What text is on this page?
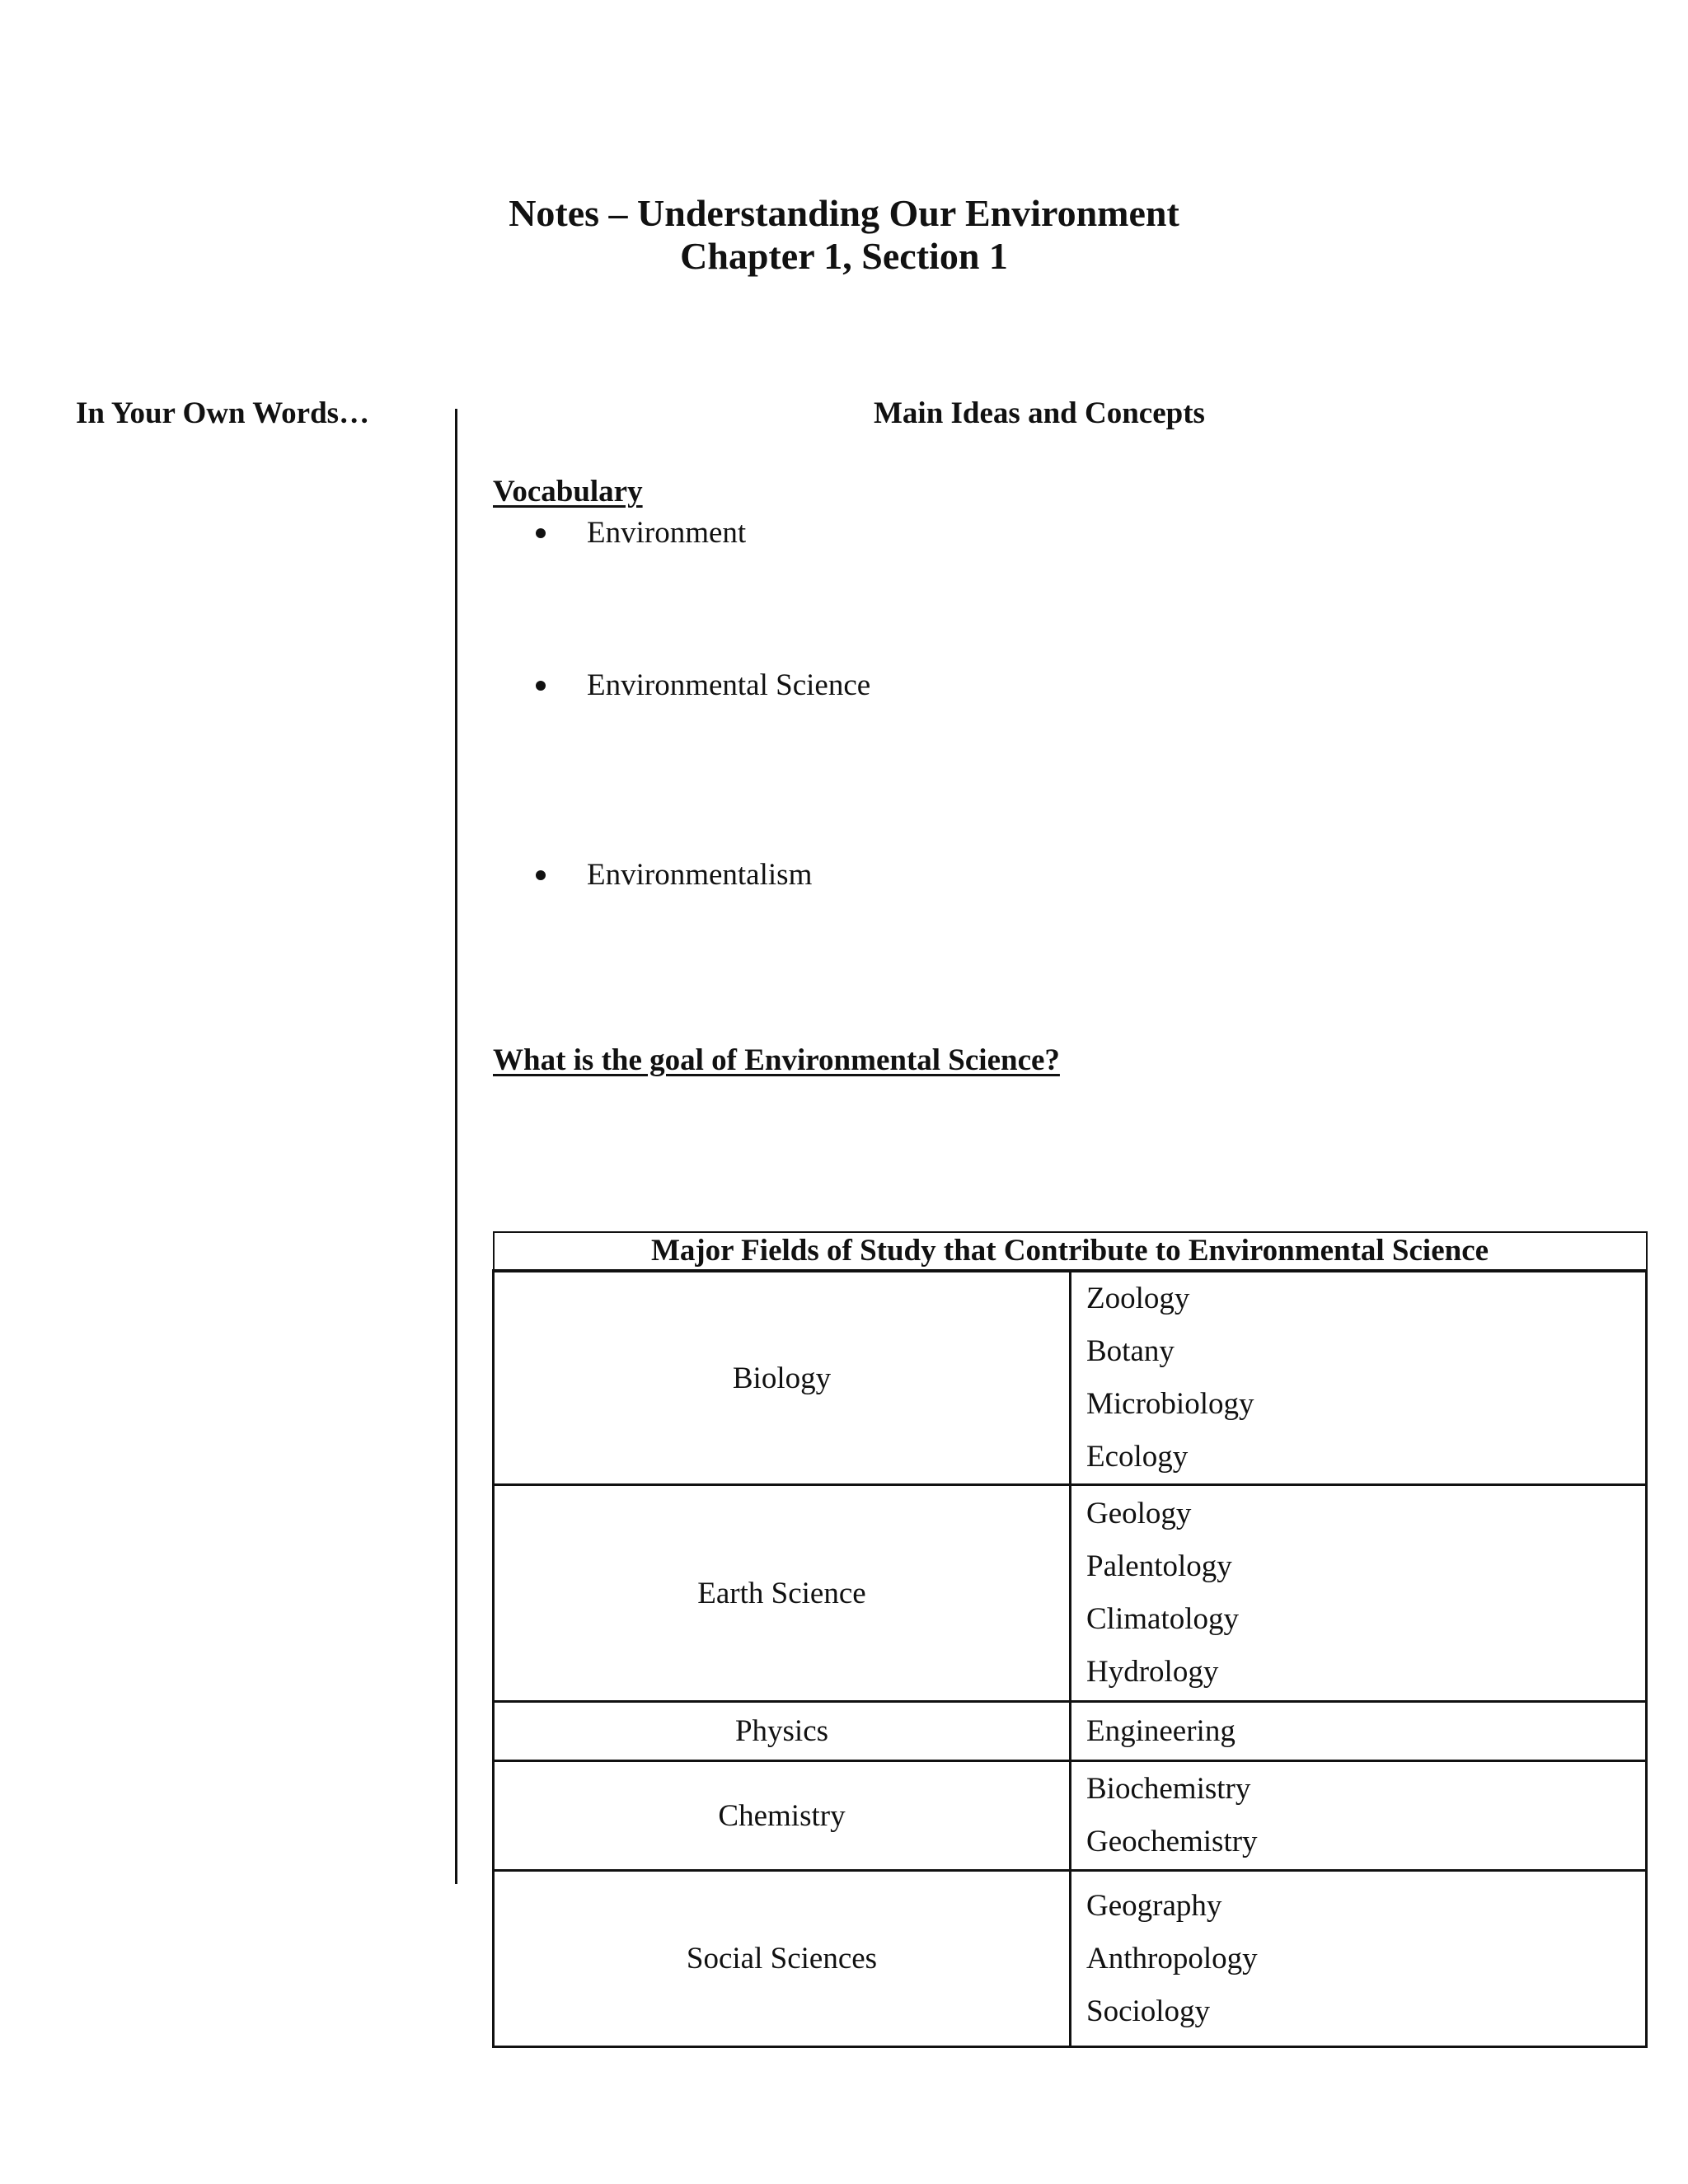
Notes – Understanding Our Environment
Chapter 1, Section 1
In Your Own Words…	Main Ideas and Concepts
Vocabulary
Environment
Environmental Science
Environmentalism
What is the goal of Environmental Science?
Major Fields of Study that Contribute to Environmental Science	
Biology	Zoology
Botany
Microbiology
Ecology

Earth Science	Geology
Palentology
Climatology
Hydrology

Physics	Engineering

Chemistry	Biochemistry
Geochemistry

Social Sciences	Geography
Anthropology
Sociology
